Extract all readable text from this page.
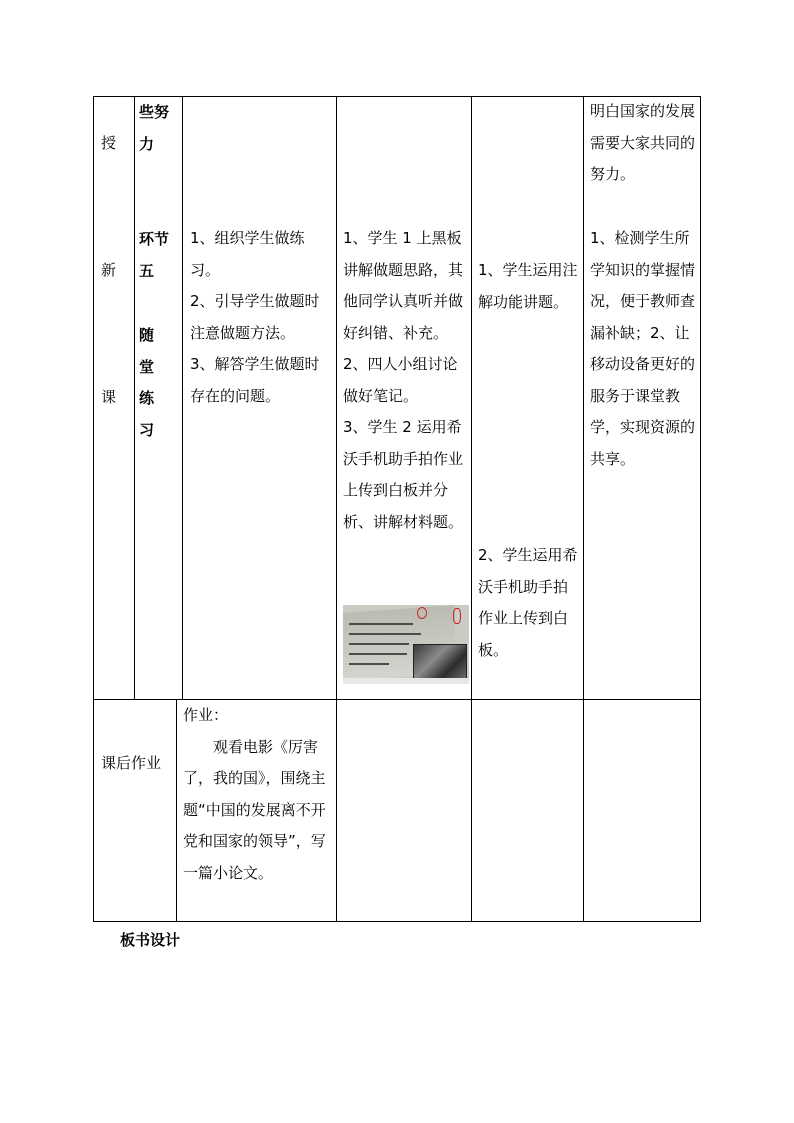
授
新
课
些努力
环节五
随堂练习
1、组织学生做练习。
2、引导学生做题时注意做题方法。
3、解答学生做题时存在的问题。
1、学生 1 上黑板讲解做题思路，其他同学认真听并做好纠错、补充。
2、四人小组讨论做好笔记。
3、学生 2 运用希沃手机助手拍作业上传到白板并分析、讲解材料题。
1、学生运用注解功能讲题。
2、学生运用希沃手机助手拍作业上传到白板。
明白国家的发展需要大家共同的努力。
1、检测学生所学知识的掌握情况，便于教师查漏补缺；2、让移动设备更好的服务于课堂教学，实现资源的共享。
课后作业
作业：
观看电影《厉害了，我的国》，围绕主题“中国的发展离不开党和国家的领导”，写一篇小论文。
板书设计
